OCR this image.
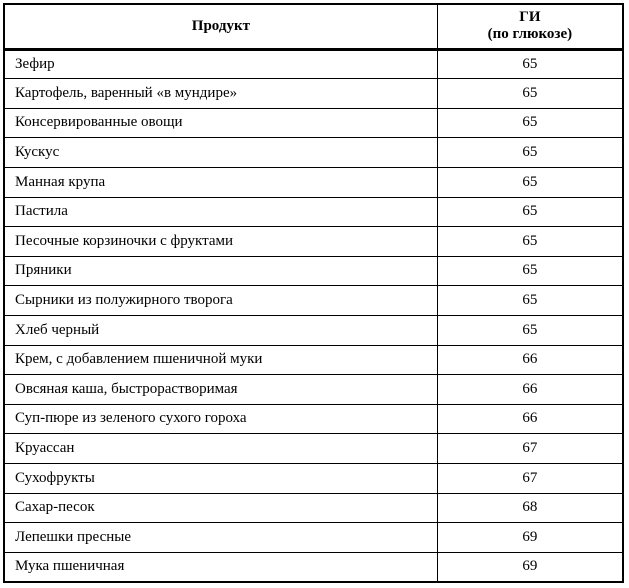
Продукт	ГИ
(по глюкозе)
Зефир	65
Картофель, варенный «в мундире»	65
Консервированные овощи	65
Кускус	65
Манная крупа	65
Пастила	65
Песочные корзиночки с фруктами	65
Пряники	65
Сырники из полужирного творога	65
Хлеб черный	65
Крем, с добавлением пшеничной муки	66
Овсяная каша, быстрорастворимая	66
Суп-пюре из зеленого сухого гороха	66
Круассан	67
Сухофрукты	67
Сахар-песок	68
Лепешки пресные	69
Мука пшеничная	69
